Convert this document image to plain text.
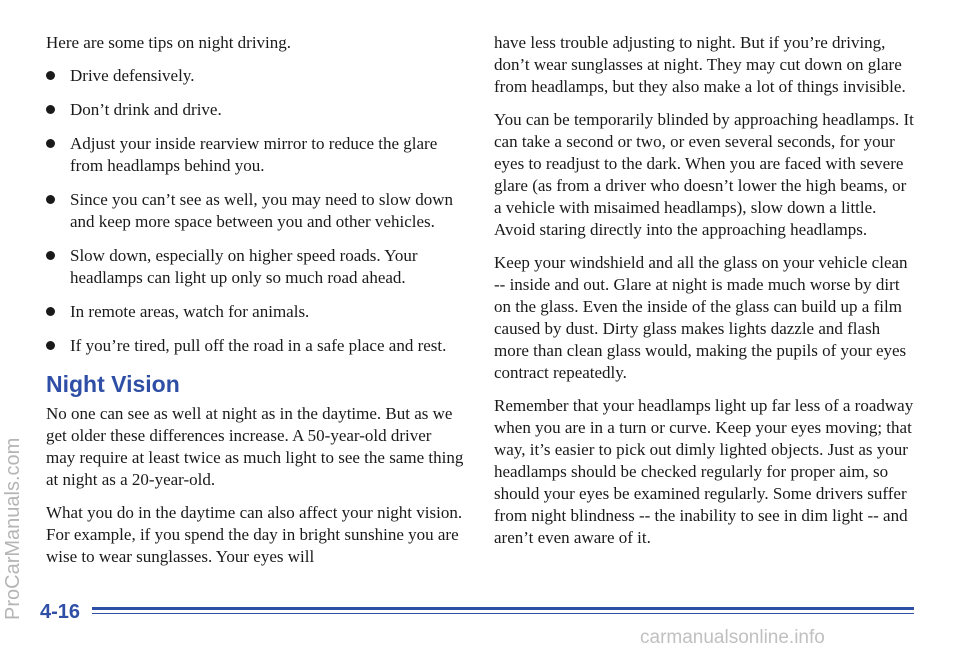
Here are some tips on night driving.

Drive defensively.
Don’t drink and drive.
Adjust your inside rearview mirror to reduce the glare from headlamps behind you.
Since you can’t see as well, you may need to slow down and keep more space between you and other vehicles.
Slow down, especially on higher speed roads. Your headlamps can light up only so much road ahead.
In remote areas, watch for animals.
If you’re tired, pull off the road in a safe place and rest.
Night Vision

No one can see as well at night as in the daytime. But as we get older these differences increase. A 50-year-old driver may require at least twice as much light to see the same thing at night as a 20-year-old.

What you do in the daytime can also affect your night vision. For example, if you spend the day in bright sunshine you are wise to wear sunglasses. Your eyes will

have less trouble adjusting to night. But if you’re driving, don’t wear sunglasses at night. They may cut down on glare from headlamps, but they also make a lot of things invisible.

You can be temporarily blinded by approaching headlamps. It can take a second or two, or even several seconds, for your eyes to readjust to the dark. When you are faced with severe glare (as from a driver who doesn’t lower the high beams, or a vehicle with misaimed headlamps), slow down a little. Avoid staring directly into the approaching headlamps.

Keep your windshield and all the glass on your vehicle clean -- inside and out. Glare at night is made much worse by dirt on the glass. Even the inside of the glass can build up a film caused by dust. Dirty glass makes lights dazzle and flash more than clean glass would, making the pupils of your eyes contract repeatedly.

Remember that your headlamps light up far less of a roadway when you are in a turn or curve. Keep your eyes moving; that way, it’s easier to pick out dimly lighted objects. Just as your headlamps should be checked regularly for proper aim, so should your eyes be examined regularly. Some drivers suffer from night blindness -- the inability to see in dim light -- and aren’t even aware of it.

ProCarManuals.com 4-16
carmanualsonline.info
